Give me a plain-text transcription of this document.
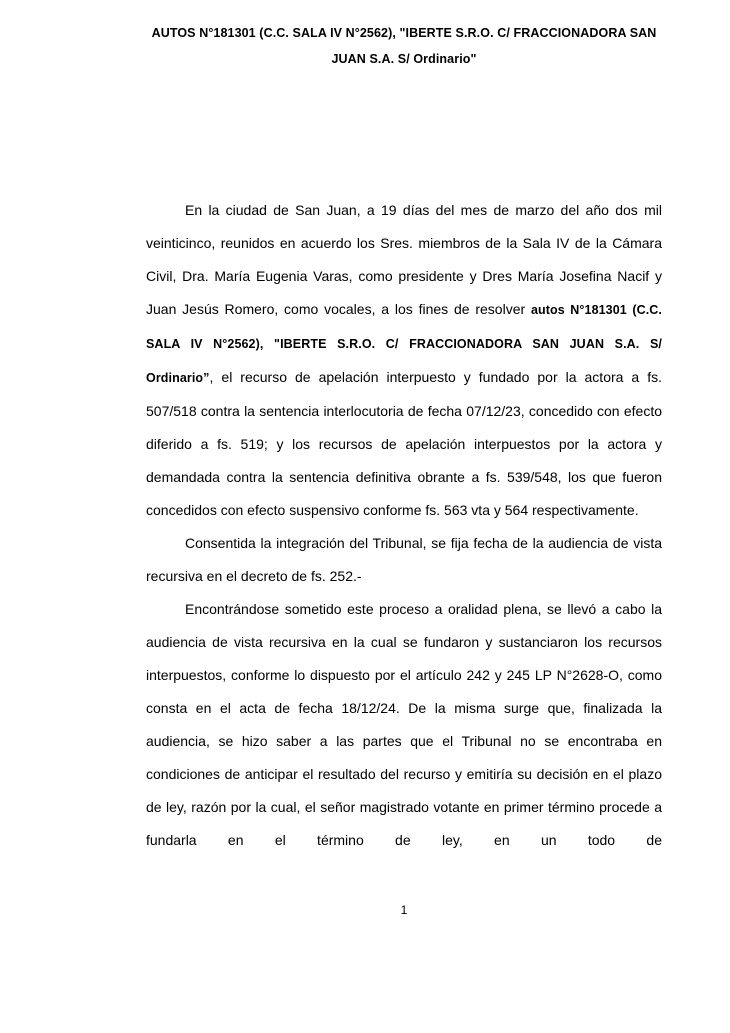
AUTOS N°181301 (C.C. SALA IV N°2562), "IBERTE S.R.O. C/ FRACCIONADORA SAN
JUAN S.A. S/ Ordinario"

En la ciudad de San Juan, a 19 días del mes de marzo del año dos mil veinticinco, reunidos en acuerdo los Sres. miembros de la Sala IV de la Cámara Civil, Dra. María Eugenia Varas, como presidente y Dres María Josefina Nacif y Juan Jesús Romero, como vocales, a los fines de resolver autos N°181301 (C.C. SALA IV N°2562), "IBERTE S.R.O. C/ FRACCIONADORA SAN JUAN S.A. S/ Ordinario”, el recurso de apelación interpuesto y fundado por la actora a fs. 507/518 contra la sentencia interlocutoria de fecha 07/12/23, concedido con efecto diferido a fs. 519; y los recursos de apelación interpuestos por la actora y demandada contra la sentencia definitiva obrante a fs. 539/548, los que fueron concedidos con efecto suspensivo conforme fs. 563 vta y 564 respectivamente.

Consentida la integración del Tribunal, se fija fecha de la audiencia de vista recursiva en el decreto de fs. 252.-

Encontrándose sometido este proceso a oralidad plena, se llevó a cabo la audiencia de vista recursiva en la cual se fundaron y sustanciaron los recursos interpuestos, conforme lo dispuesto por el artículo 242 y 245 LP N°2628-O, como consta en el acta de fecha 18/12/24. De la misma surge que, finalizada la audiencia, se hizo saber a las partes que el Tribunal no se encontraba en condiciones de anticipar el resultado del recurso y emitiría su decisión en el plazo de ley, razón por la cual, el señor magistrado votante en primer término procede a fundarla en el término de ley, en un todo de

1
